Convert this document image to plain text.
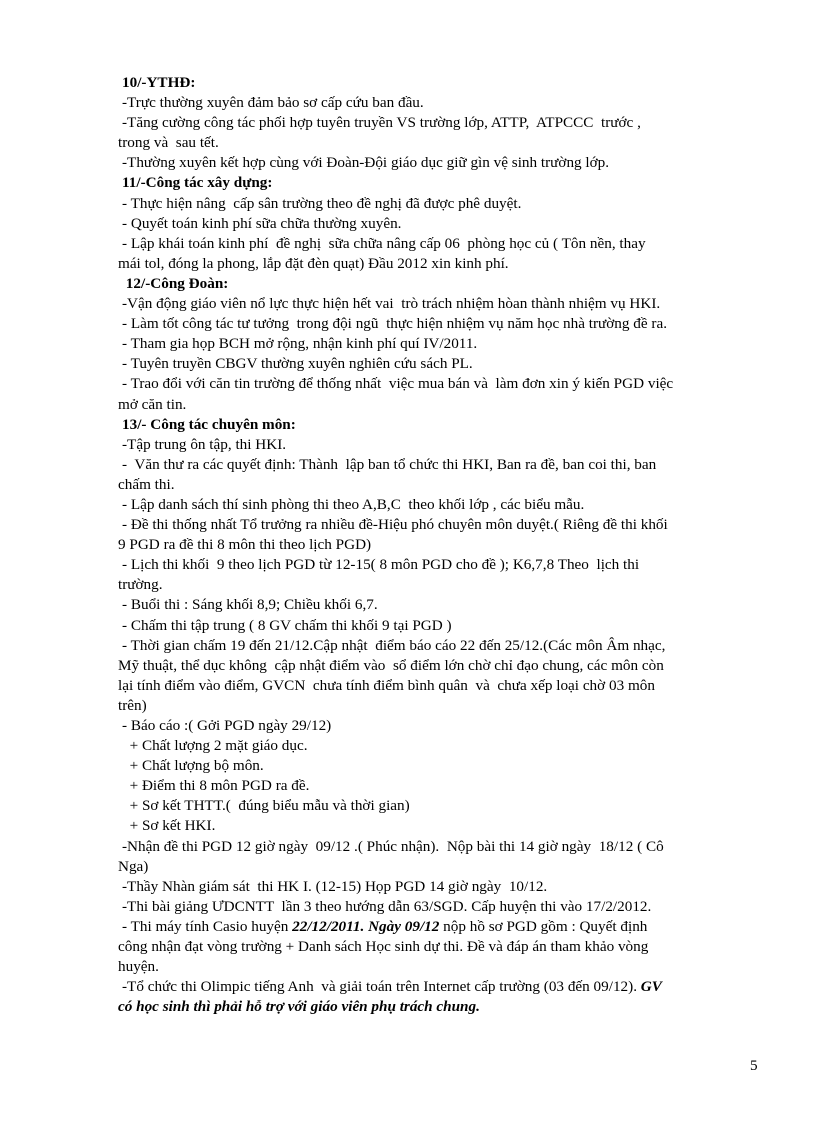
10/-YTHĐ:
-Trực thường xuyên đảm bảo sơ cấp cứu ban đầu.
-Tăng cường công tác phối hợp tuyên truyền VS trường lớp, ATTP,  ATPCCC  trước ,
trong và  sau tết.
-Thường xuyên kết hợp cùng với Đoàn-Đội giáo dục giữ gìn vệ sinh trường lớp.
11/-Công tác xây dựng:
- Thực hiện nâng  cấp sân trường theo đề nghị đã được phê duyệt.
- Quyết toán kinh phí sữa chữa thường xuyên.
- Lập khái toán kinh phí  đề nghị  sữa chữa nâng cấp 06  phòng học củ ( Tôn nền, thay
mái tol, đóng la phong, lắp đặt đèn quạt) Đầu 2012 xin kinh phí.
12/-Công Đoàn:
-Vận động giáo viên nổ lực thực hiện hết vai  trò trách nhiệm hòan thành nhiệm vụ HKI.
- Làm tốt công tác tư tưởng  trong đội ngũ  thực hiện nhiệm vụ năm học nhà trường đề ra.
- Tham gia họp BCH mở rộng, nhận kinh phí quí IV/2011.
- Tuyên truyền CBGV thường xuyên nghiên cứu sách PL.
- Trao đổi với căn tin trường để thống nhất  việc mua bán và  làm đơn xin ý kiến PGD việc
mở căn tin.
13/- Công tác chuyên môn:
-Tập trung ôn tập, thi HKI.
-  Văn thư ra các quyết định: Thành  lập ban tổ chức thi HKI, Ban ra đề, ban coi thi, ban
chấm thi.
- Lập danh sách thí sinh phòng thi theo A,B,C  theo khối lớp , các biểu mẫu.
- Đề thi thống nhất Tổ trưởng ra nhiều đề-Hiệu phó chuyên môn duyệt.( Riêng đề thi khối
9 PGD ra đề thi 8 môn thi theo lịch PGD)
- Lịch thi khối  9 theo lịch PGD từ 12-15( 8 môn PGD cho đề ); K6,7,8 Theo  lịch thi
trường.
- Buổi thi : Sáng khối 8,9; Chiều khối 6,7.
- Chấm thi tập trung ( 8 GV chấm thi khối 9 tại PGD )
- Thời gian chấm 19 đến 21/12.Cập nhật  điểm báo cáo 22 đến 25/12.(Các môn Âm nhạc,
Mỹ thuật, thể dục không  cập nhật điểm vào  sổ điểm lớn chờ chỉ đạo chung, các môn còn
lại tính điểm vào điểm, GVCN  chưa tính điểm bình quân  và  chưa xếp loại chờ 03 môn
trên)
- Báo cáo :( Gởi PGD ngày 29/12)
+ Chất lượng 2 mặt giáo dục.
+ Chất lượng bộ môn.
+ Điểm thi 8 môn PGD ra đề.
+ Sơ kết THTT.(  đúng biểu mẫu và thời gian)
+ Sơ kết HKI.
-Nhận đề thi PGD 12 giờ ngày  09/12 .( Phúc nhận).  Nộp bài thi 14 giờ ngày  18/12 ( Cô
Nga)
-Thầy Nhàn giám sát  thi HK I. (12-15) Họp PGD 14 giờ ngày  10/12.
-Thi bài giảng ƯDCNTT  lần 3 theo hướng dẫn 63/SGD. Cấp huyện thi vào 17/2/2012.
- Thi máy tính Casio huyện 22/12/2011. Ngày 09/12 nộp hồ sơ PGD gồm : Quyết định
công nhận đạt vòng trường + Danh sách Học sinh dự thi. Đề và đáp án tham khảo vòng
huyện.
-Tổ chức thi Olimpic tiếng Anh  và giải toán trên Internet cấp trường (03 đến 09/12). GV
có học sinh thì phải hỗ trợ với giáo viên phụ trách chung.
5
